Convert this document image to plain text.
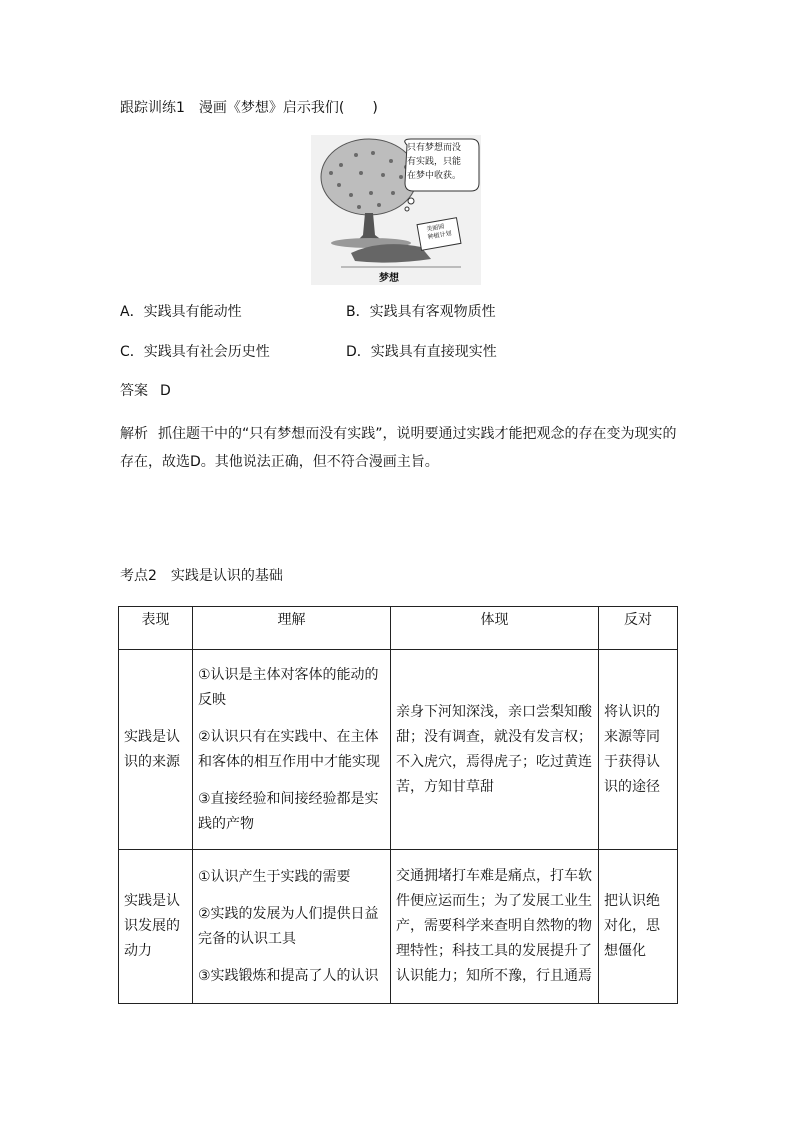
跟踪训练1　漫画《梦想》启示我们(　　)
只有梦想而没
有实践，只能
在梦中收获。
美丽园
种植计划
梦想
A．实践具有能动性	B．实践具有客观物质性
C．实践具有社会历史性	D．实践具有直接现实性
答案 D
解析 抓住题干中的“只有梦想而没有实践”，说明要通过实践才能把观念的存在变为现实的存在，故选D。其他说法正确，但不符合漫画主旨。
考点2　实践是认识的基础
表现	理解	体现	反对
实践是认识的来源	①认识是主体对客体的能动的反映

②认识只有在实践中、在主体和客体的相互作用中才能实现

③直接经验和间接经验都是实践的产物	亲身下河知深浅，亲口尝梨知酸甜；没有调查，就没有发言权；不入虎穴，焉得虎子；吃过黄连苦，方知甘草甜	将认识的来源等同于获得认识的途径
实践是认识发展的动力	①认识产生于实践的需要

②实践的发展为人们提供日益完备的认识工具

③实践锻炼和提高了人的认识	交通拥堵打车难是痛点，打车软件便应运而生；为了发展工业生产，需要科学来查明自然物的物理特性；科技工具的发展提升了认识能力；知所不豫，行且通焉	把认识绝对化，思想僵化
